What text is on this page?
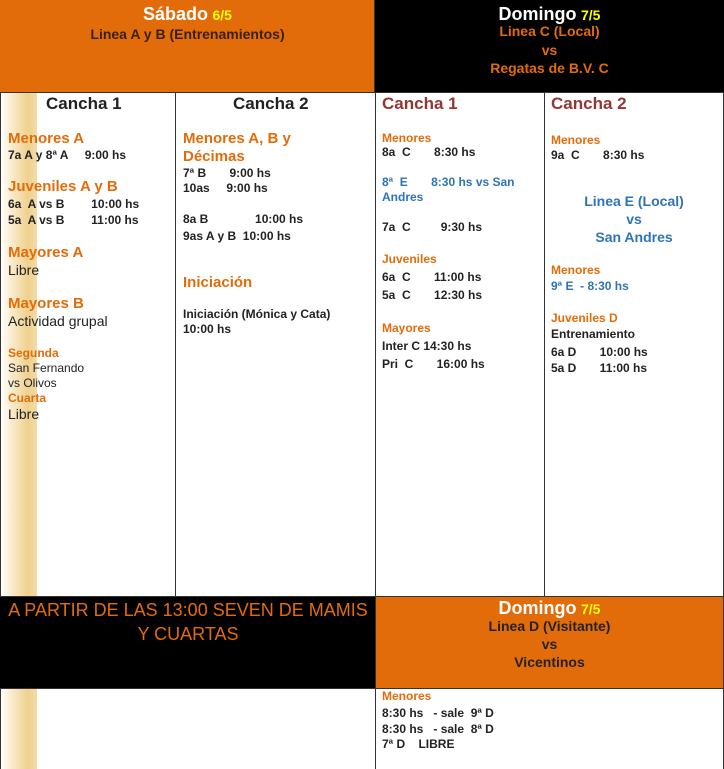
Sábado 6/5
Linea A y B (Entrenamientos)
Domingo 7/5
Linea C (Local)
vs
Regatas de B.V. C
Cancha 1
Menores A
7a A y 8ª A     9:00 hs
Juveniles A y B
6a  A vs B        10:00 hs
5a  A vs B        11:00 hs
Mayores A
Libre
Mayores B
Actividad grupal
Segunda
San Fernando
vs Olivos
Cuarta
Libre
Cancha 2
Menores A, B y
Décimas
7ª B       9:00 hs
10as     9:00 hs
8a B              10:00 hs
9as A y B  10:00 hs
Iniciación
Iniciación (Mónica y Cata)
10:00 hs
Cancha 1
Menores
8a  C       8:30 hs
8ª  E       8:30 hs vs San
Andres
7a  C         9:30 hs
Juveniles
6a  C       11:00 hs
5a  C       12:30 hs
Mayores
Inter C 14:30 hs
Pri  C       16:00 hs
Cancha 2
Menores
9a  C       8:30 hs
Linea E (Local)
vs
San Andres
Menores
9ª E  - 8:30 hs
Juveniles D
Entrenamiento
6a D       10:00 hs
5a D       11:00 hs
A PARTIR DE LAS 13:00 SEVEN DE MAMIS Y CUARTAS
Domingo 7/5
Linea D (Visitante)
vs
Vicentinos
Menores
8:30 hs   - sale  9ª D
8:30 hs   - sale  8ª D
7ª D    LIBRE
